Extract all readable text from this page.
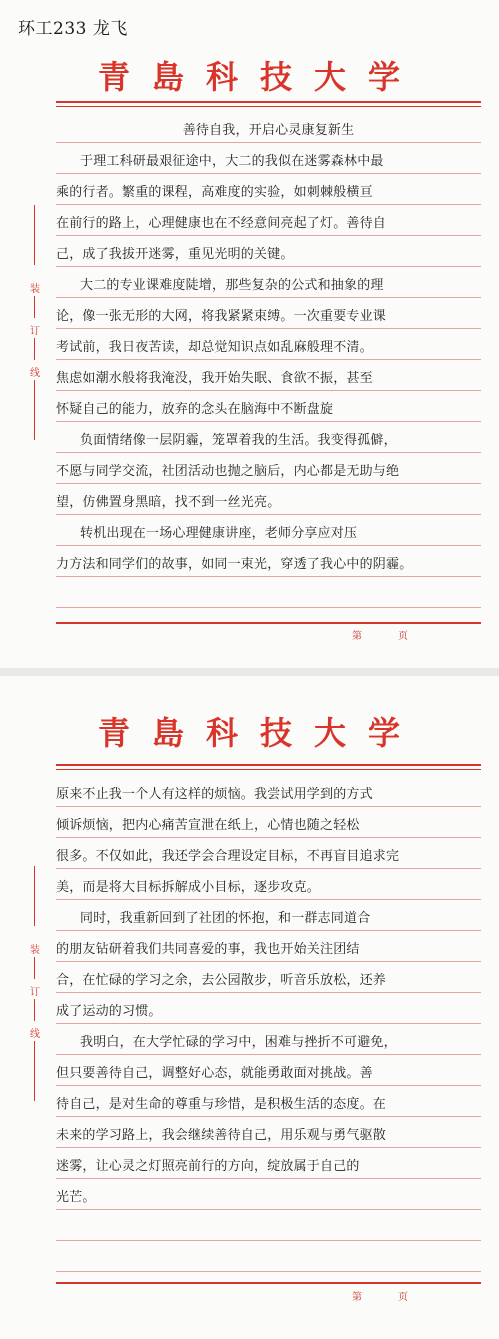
环工233 龙飞
青島科技大学
装
订
线
善待自我，开启心灵康复新生
于理工科研最艰征途中，大二的我似在迷雾森林中最
乘的行者。繁重的课程，高难度的实验，如刺棘般横亘
在前行的路上，心理健康也在不经意间亮起了灯。善待自
己，成了我拔开迷雾，重见光明的关键。
大二的专业课难度陡增，那些复杂的公式和抽象的理
论，像一张无形的大网，将我紧紧束缚。一次重要专业课
考试前，我日夜苦读，却总觉知识点如乱麻般理不清。
焦虑如潮水般将我淹没，我开始失眠、食欲不振，甚至
怀疑自己的能力，放弃的念头在脑海中不断盘旋
负面情绪像一层阴霾，笼罩着我的生活。我变得孤僻，
不愿与同学交流，社团活动也抛之脑后，内心都是无助与绝
望，仿佛置身黑暗，找不到一丝光亮。
转机出现在一场心理健康讲座，老师分享应对压
力方法和同学们的故事，如同一束光，穿透了我心中的阴霾。
第	页
青島科技大学
装
订
线
原来不止我一个人有这样的烦恼。我尝试用学到的方式
倾诉烦恼，把内心痛苦宣泄在纸上，心情也随之轻松
很多。不仅如此，我还学会合理设定目标，不再盲目追求完
美，而是将大目标拆解成小目标，逐步攻克。
同时，我重新回到了社团的怀抱，和一群志同道合
的朋友钻研着我们共同喜爱的事，我也开始关注团结
合，在忙碌的学习之余，去公园散步，听音乐放松，还养
成了运动的习惯。
我明白，在大学忙碌的学习中，困难与挫折不可避免，
但只要善待自己，调整好心态，就能勇敢面对挑战。善
待自己，是对生命的尊重与珍惜，是积极生活的态度。在
未来的学习路上，我会继续善待自己，用乐观与勇气驱散
迷雾，让心灵之灯照亮前行的方向，绽放属于自己的
光芒。
第	页
